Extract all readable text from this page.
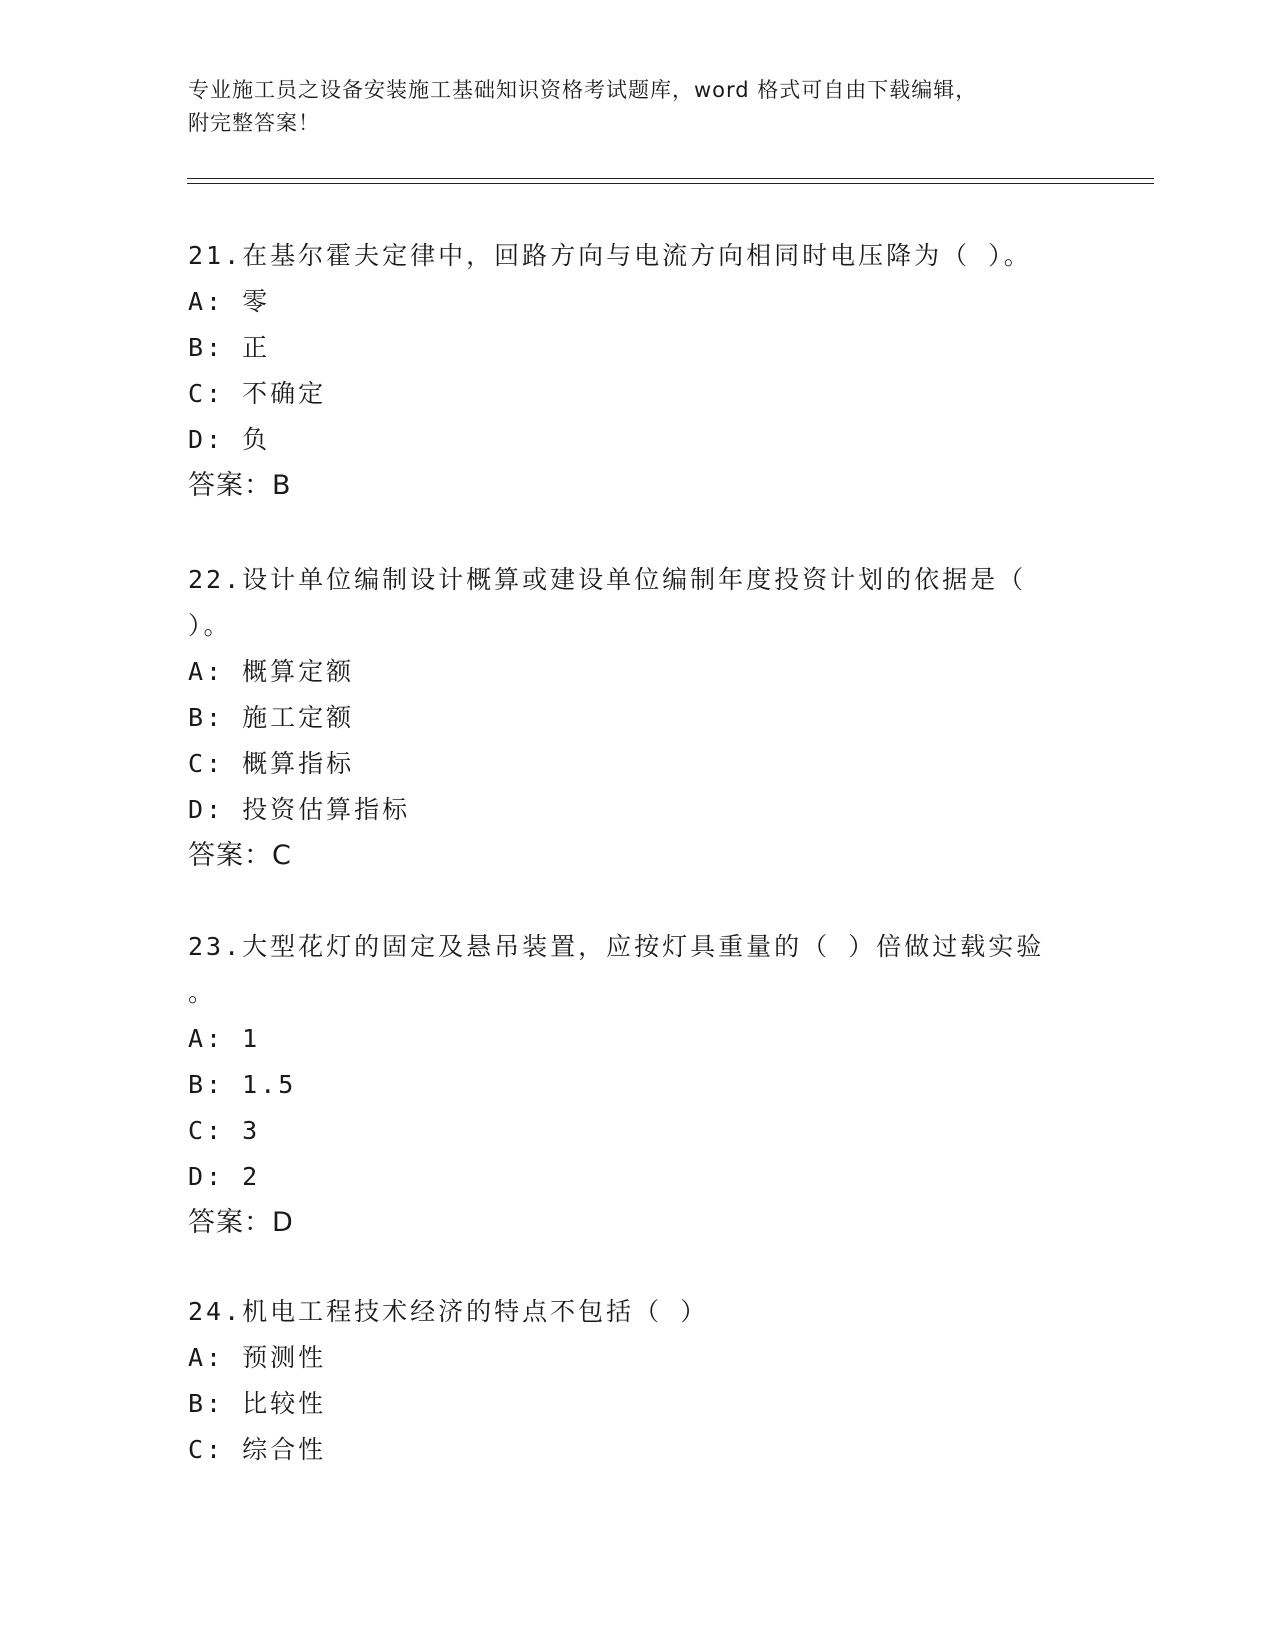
专业施工员之设备安装施工基础知识资格考试题库，word 格式可自由下载编辑，
附完整答案！
21.在基尔霍夫定律中，回路方向与电流方向相同时电压降为（ ）。
A: 零
B: 正
C: 不确定
D: 负
答案：B
22.设计单位编制设计概算或建设单位编制年度投资计划的依据是（
）。
A: 概算定额
B: 施工定额
C: 概算指标
D: 投资估算指标
答案：C
23.大型花灯的固定及悬吊装置，应按灯具重量的（ ）倍做过载实验
。
A: 1
B: 1.5
C: 3
D: 2
答案：D
24.机电工程技术经济的特点不包括（ ）
A: 预测性
B: 比较性
C: 综合性
